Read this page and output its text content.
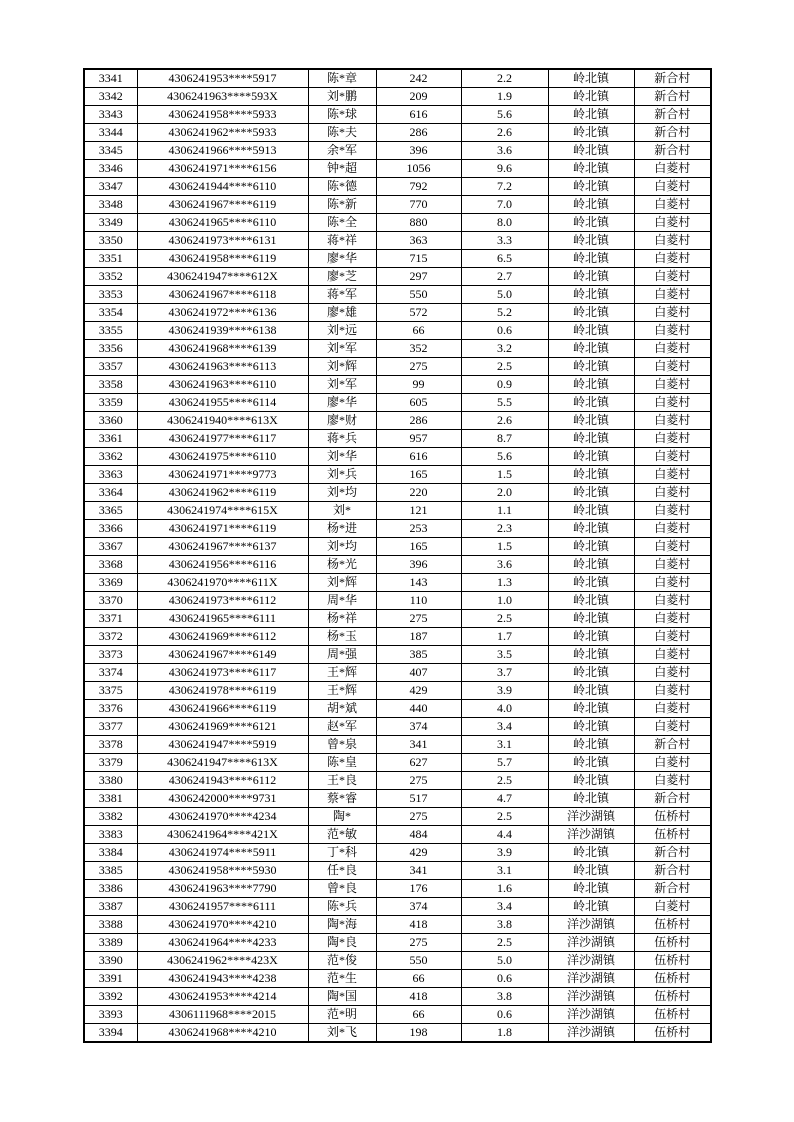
3341	4306241953****5917	陈*章	242	2.2	岭北镇	新合村
3342	4306241963****593X	刘*鹏	209	1.9	岭北镇	新合村
3343	4306241958****5933	陈*球	616	5.6	岭北镇	新合村
3344	4306241962****5933	陈*夫	286	2.6	岭北镇	新合村
3345	4306241966****5913	余*军	396	3.6	岭北镇	新合村
3346	4306241971****6156	钟*超	1056	9.6	岭北镇	白菱村
3347	4306241944****6110	陈*德	792	7.2	岭北镇	白菱村
3348	4306241967****6119	陈*新	770	7.0	岭北镇	白菱村
3349	4306241965****6110	陈*全	880	8.0	岭北镇	白菱村
3350	4306241973****6131	蒋*祥	363	3.3	岭北镇	白菱村
3351	4306241958****6119	廖*华	715	6.5	岭北镇	白菱村
3352	4306241947****612X	廖*芝	297	2.7	岭北镇	白菱村
3353	4306241967****6118	蒋*军	550	5.0	岭北镇	白菱村
3354	4306241972****6136	廖*雄	572	5.2	岭北镇	白菱村
3355	4306241939****6138	刘*远	66	0.6	岭北镇	白菱村
3356	4306241968****6139	刘*军	352	3.2	岭北镇	白菱村
3357	4306241963****6113	刘*辉	275	2.5	岭北镇	白菱村
3358	4306241963****6110	刘*军	99	0.9	岭北镇	白菱村
3359	4306241955****6114	廖*华	605	5.5	岭北镇	白菱村
3360	4306241940****613X	廖*财	286	2.6	岭北镇	白菱村
3361	4306241977****6117	蒋*兵	957	8.7	岭北镇	白菱村
3362	4306241975****6110	刘*华	616	5.6	岭北镇	白菱村
3363	4306241971****9773	刘*兵	165	1.5	岭北镇	白菱村
3364	4306241962****6119	刘*均	220	2.0	岭北镇	白菱村
3365	4306241974****615X	刘*	121	1.1	岭北镇	白菱村
3366	4306241971****6119	杨*进	253	2.3	岭北镇	白菱村
3367	4306241967****6137	刘*均	165	1.5	岭北镇	白菱村
3368	4306241956****6116	杨*光	396	3.6	岭北镇	白菱村
3369	4306241970****611X	刘*辉	143	1.3	岭北镇	白菱村
3370	4306241973****6112	周*华	110	1.0	岭北镇	白菱村
3371	4306241965****6111	杨*祥	275	2.5	岭北镇	白菱村
3372	4306241969****6112	杨*玉	187	1.7	岭北镇	白菱村
3373	4306241967****6149	周*强	385	3.5	岭北镇	白菱村
3374	4306241973****6117	王*辉	407	3.7	岭北镇	白菱村
3375	4306241978****6119	王*辉	429	3.9	岭北镇	白菱村
3376	4306241966****6119	胡*斌	440	4.0	岭北镇	白菱村
3377	4306241969****6121	赵*军	374	3.4	岭北镇	白菱村
3378	4306241947****5919	曾*泉	341	3.1	岭北镇	新合村
3379	4306241947****613X	陈*皇	627	5.7	岭北镇	白菱村
3380	4306241943****6112	王*良	275	2.5	岭北镇	白菱村
3381	4306242000****9731	蔡*睿	517	4.7	岭北镇	新合村
3382	4306241970****4234	陶*	275	2.5	洋沙湖镇	伍桥村
3383	4306241964****421X	范*敏	484	4.4	洋沙湖镇	伍桥村
3384	4306241974****5911	丁*科	429	3.9	岭北镇	新合村
3385	4306241958****5930	任*良	341	3.1	岭北镇	新合村
3386	4306241963****7790	曾*良	176	1.6	岭北镇	新合村
3387	4306241957****6111	陈*兵	374	3.4	岭北镇	白菱村
3388	4306241970****4210	陶*海	418	3.8	洋沙湖镇	伍桥村
3389	4306241964****4233	陶*良	275	2.5	洋沙湖镇	伍桥村
3390	4306241962****423X	范*俊	550	5.0	洋沙湖镇	伍桥村
3391	4306241943****4238	范*生	66	0.6	洋沙湖镇	伍桥村
3392	4306241953****4214	陶*国	418	3.8	洋沙湖镇	伍桥村
3393	4306111968****2015	范*明	66	0.6	洋沙湖镇	伍桥村
3394	4306241968****4210	刘*飞	198	1.8	洋沙湖镇	伍桥村
